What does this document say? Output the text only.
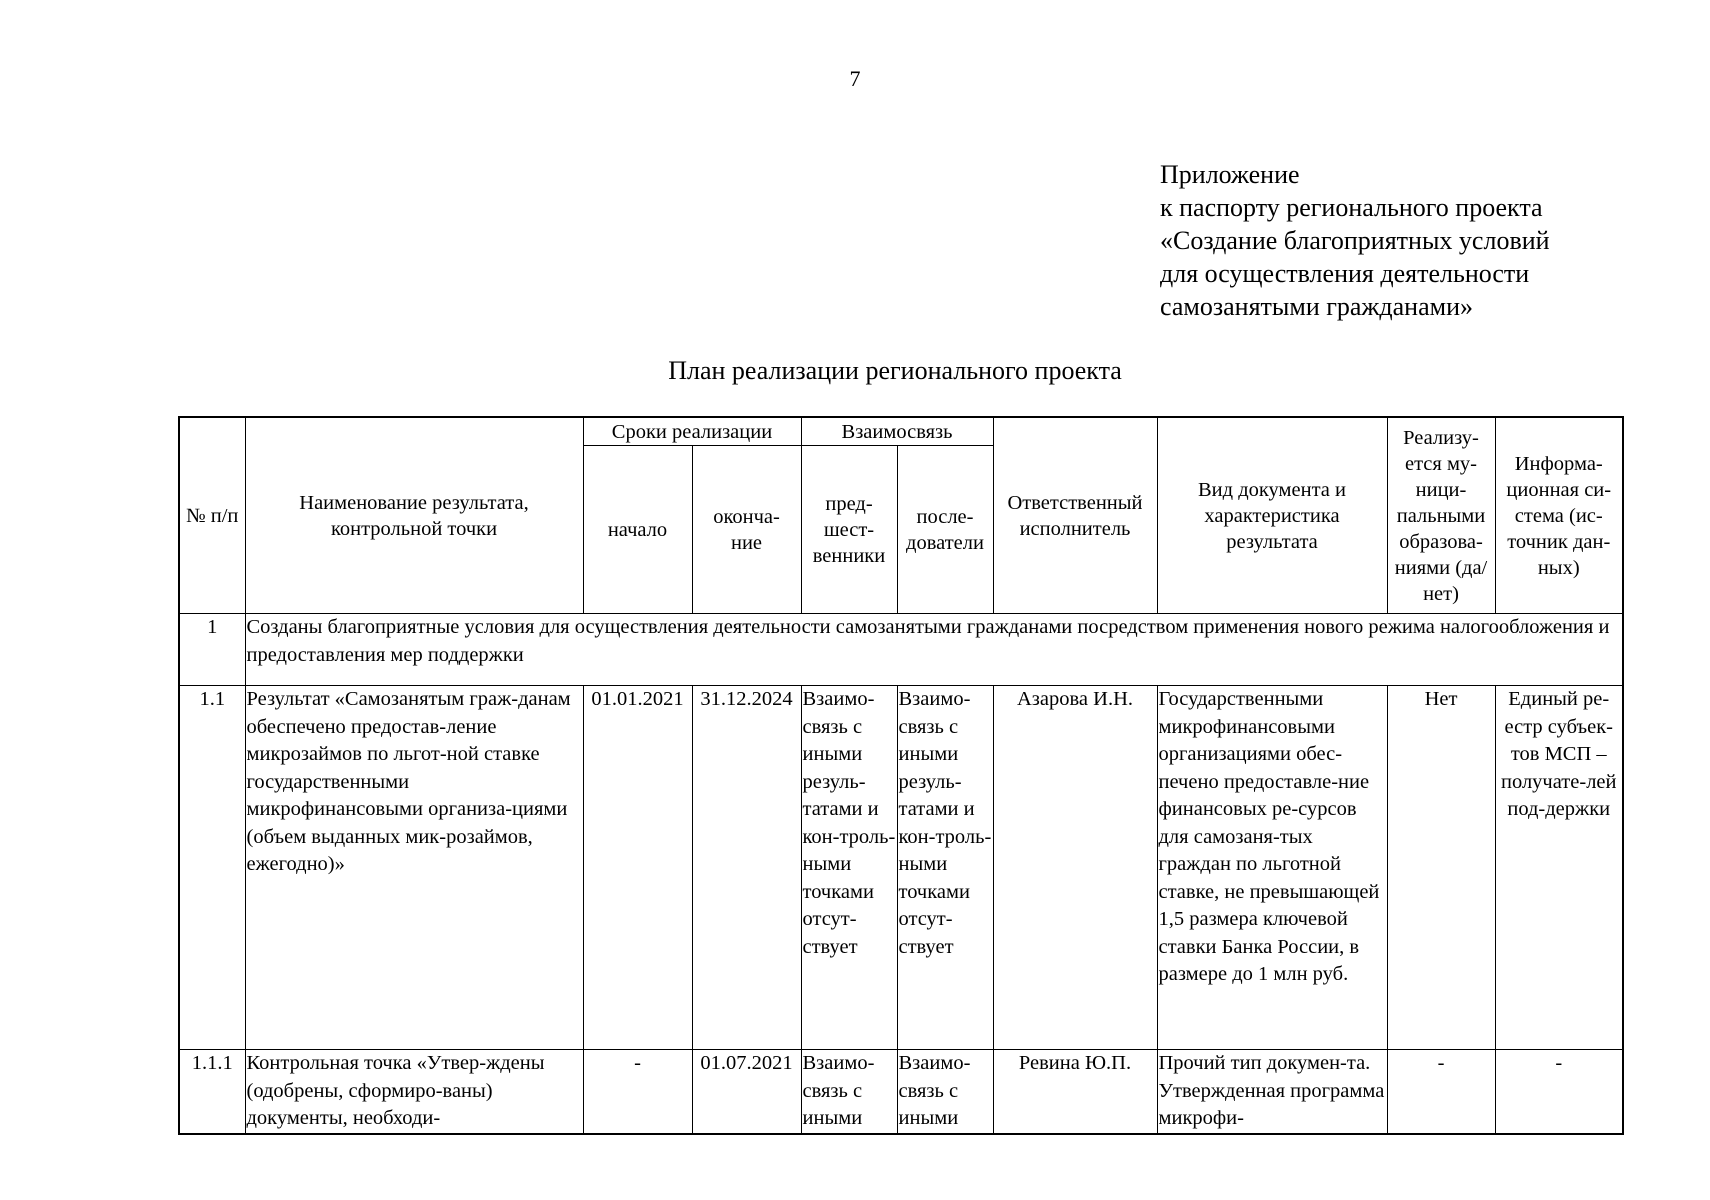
7
Приложение
к паспорту регионального проекта
«Создание благоприятных условий
для осуществления деятельности
самозанятыми гражданами»
План реализации регионального проекта
№ п/п	Наименование результата, контрольной точки	Сроки реализации		Взаимосвязь		Ответственный исполнитель	Вид документа и характеристика результата	Реализу-ется му-ници-пальными образова-ниями (да/нет)	Информа-ционная си-стема (ис-точник дан-ных)
		начало	оконча-ние	пред-шест-венники	после-дователи				
1	Созданы благоприятные условия для осуществления деятельности самозанятыми гражданами посредством применения нового режима налогообложения и предоставления мер поддержки								
1.1	Результат «Самозанятым граж-данам обеспечено предостав-ление микрозаймов по льгот-ной ставке государственными микрофинансовыми организа-циями (объем выданных мик-розаймов, ежегодно)»	01.01.2021	31.12.2024	Взаимо-связь с иными резуль-татами и кон-троль-ными точками отсут-ствует	Взаимо-связь с иными резуль-татами и кон-троль-ными точками отсут-ствует	Азарова И.Н.	Государственными микрофинансовыми организациями обес-печено предоставле-ние финансовых ре-сурсов для самозаня-тых граждан по льготной ставке, не превышающей 1,5 размера ключевой ставки Банка России, в размере до 1 млн руб.	Нет	Единый ре-естр субъек-тов МСП – получате-лей под-держки
1.1.1	Контрольная точка «Утвер-ждены (одобрены, сформиро-ваны) документы, необходи-	-	01.07.2021	Взаимо-связь с иными	Взаимо-связь с иными	Ревина Ю.П.	Прочий тип докумен-та. Утвержденная программа микрофи-	-	-
